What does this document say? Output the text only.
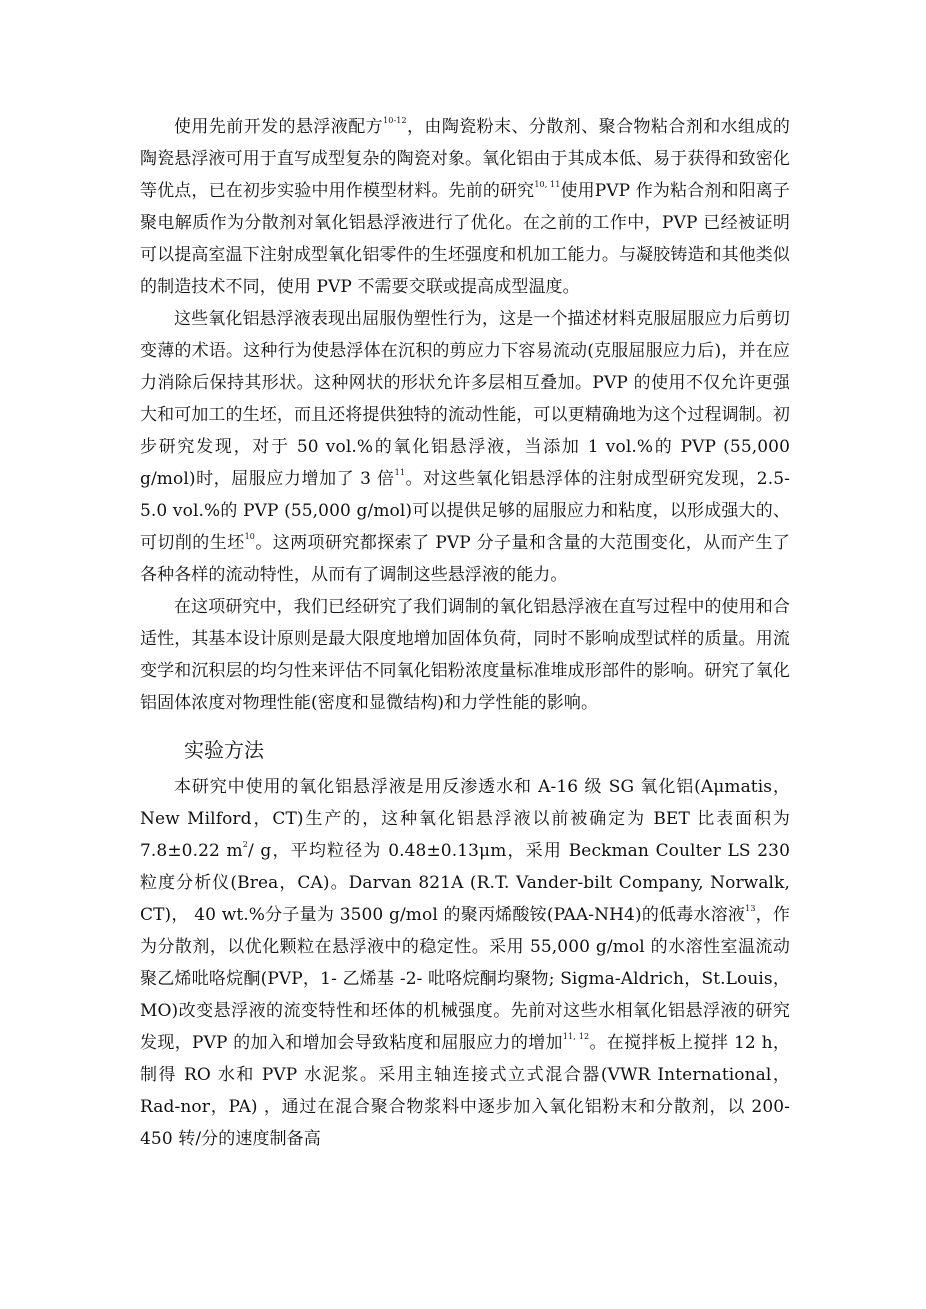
使用先前开发的悬浮液配方$^{10-12}$，由陶瓷粉末、分散剂、聚合物粘合剂和水组成的陶瓷悬浮液可用于直写成型复杂的陶瓷对象。氧化铝由于其成本低、易于获得和致密化等优点，已在初步实验中用作模型材料。先前的研究$^{10, 11}$使用PVP 作为粘合剂和阳离子聚电解质作为分散剂对氧化铝悬浮液进行了优化。在之前的工作中，PVP 已经被证明可以提高室温下注射成型氧化铝零件的生坯强度和机加工能力。与凝胶铸造和其他类似的制造技术不同，使用 PVP 不需要交联或提高成型温度。

这些氧化铝悬浮液表现出屈服伪塑性行为，这是一个描述材料克服屈服应力后剪切变薄的术语。这种行为使悬浮体在沉积的剪应力下容易流动(克服屈服应力后)，并在应力消除后保持其形状。这种网状的形状允许多层相互叠加。PVP 的使用不仅允许更强大和可加工的生坯，而且还将提供独特的流动性能，可以更精确地为这个过程调制。初步研究发现，对于 50 vol.%的氧化铝悬浮液，当添加 1 vol.%的 PVP (55,000 g/mol)时，屈服应力增加了 3 倍$^{11}$。对这些氧化铝悬浮体的注射成型研究发现，2.5-5.0 vol.%的 PVP (55,000 g/mol)可以提供足够的屈服应力和粘度，以形成强大的、可切削的生坯$^{10}$。这两项研究都探索了 PVP 分子量和含量的大范围变化，从而产生了各种各样的流动特性，从而有了调制这些悬浮液的能力。

在这项研究中，我们已经研究了我们调制的氧化铝悬浮液在直写过程中的使用和合适性，其基本设计原则是最大限度地增加固体负荷，同时不影响成型试样的质量。用流变学和沉积层的均匀性来评估不同氧化铝粉浓度量标准堆成形部件的影响。研究了氧化铝固体浓度对物理性能(密度和显微结构)和力学性能的影响。

实验方法

本研究中使用的氧化铝悬浮液是用反渗透水和 A-16 级 SG 氧化铝(Aμmatis，New Milford，CT)生产的，这种氧化铝悬浮液以前被确定为 BET 比表面积为 7.8±0.22 $m^2/$ g，平均粒径为 0.48±0.13μm，采用 Beckman Coulter LS 230 粒度分析仪(Brea，CA)。Darvan 821A (R.T. Vander-bilt Company, Norwalk, CT)， 40 wt.%分子量为 3500 g/mol 的聚丙烯酸铵(PAA-NH4)的低毒水溶液$^{13}$，作为分散剂，以优化颗粒在悬浮液中的稳定性。采用 55,000 g/mol 的水溶性室温流动聚乙烯吡咯烷酮(PVP，1- 乙烯基 -2- 吡咯烷酮均聚物; Sigma-Aldrich，St.Louis，MO)改变悬浮液的流变特性和坯体的机械强度。先前对这些水相氧化铝悬浮液的研究发现，PVP 的加入和增加会导致粘度和屈服应力的增加$^{11, 12}$。在搅拌板上搅拌 12 h，制得 RO 水和 PVP 水泥浆。采用主轴连接式立式混合器(VWR International，Rad-nor，PA) ，通过在混合聚合物浆料中逐步加入氧化铝粉末和分散剂，以 200-450 转/分的速度制备高
